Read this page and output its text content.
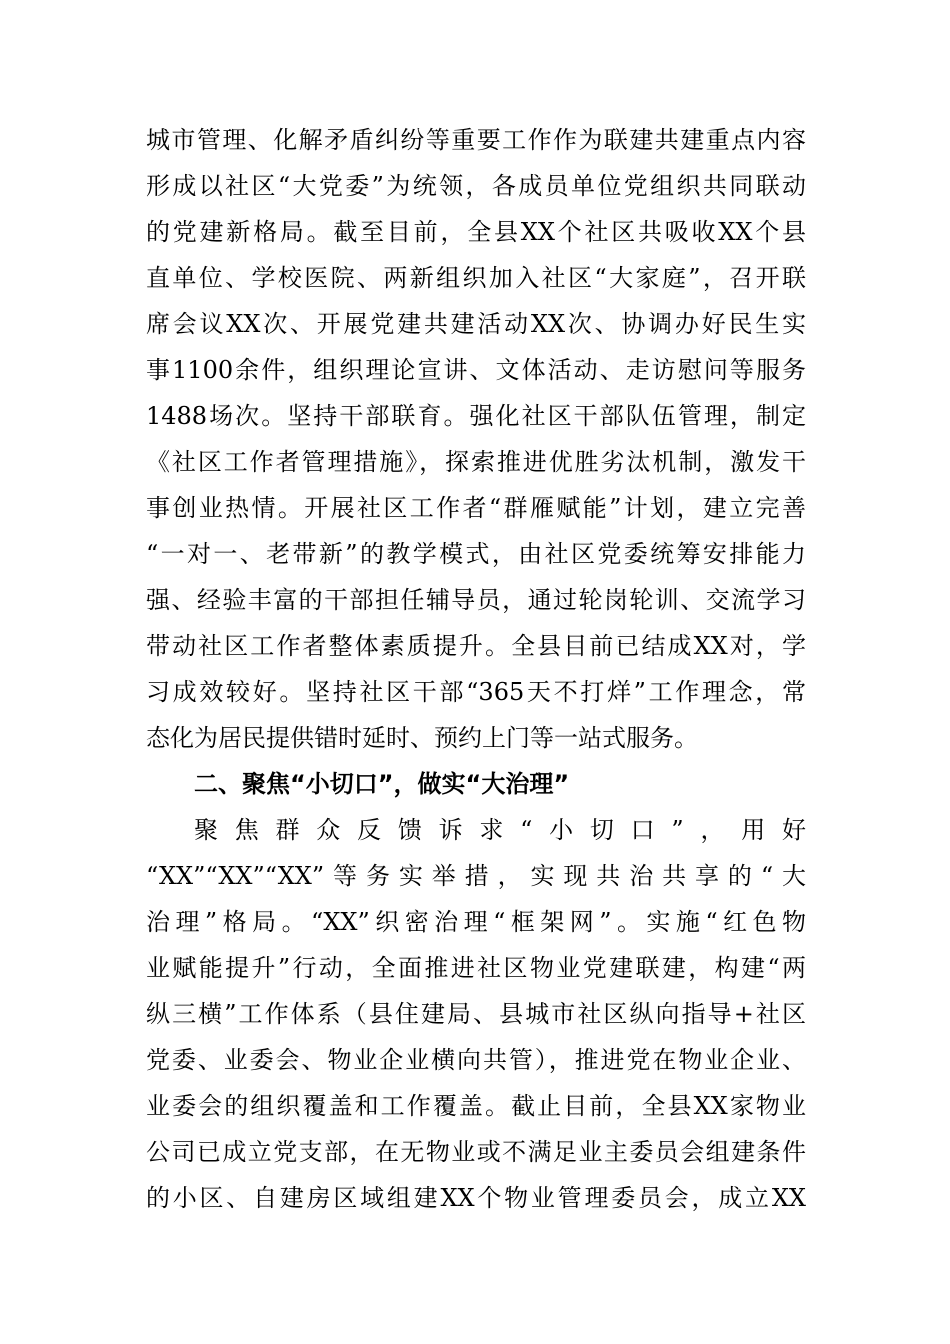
城市管理、化解矛盾纠纷等重要工作作为联建共建重点内容
形成以社区“大党委”为统领，各成员单位党组织共同联动
的党建新格局。截至目前，全县XX个社区共吸收XX个县
直单位、学校医院、两新组织加入社区“大家庭”，召开联
席会议XX次、开展党建共建活动XX次、协调办好民生实
事1100余件，组织理论宣讲、文体活动、走访慰问等服务
1488场次。坚持干部联育。强化社区干部队伍管理，制定
《社区工作者管理措施》，探索推进优胜劣汰机制，激发干
事创业热情。开展社区工作者“群雁赋能”计划，建立完善
“一对一、老带新”的教学模式，由社区党委统筹安排能力
强、经验丰富的干部担任辅导员，通过轮岗轮训、交流学习
带动社区工作者整体素质提升。全县目前已结成XX对，学
习成效较好。坚持社区干部“365天不打烊”工作理念，常
态化为居民提供错时延时、预约上门等一站式服务。
二、聚焦“小切口”，做实“大治理”
聚焦群众反馈诉求“小切口”，用好
“XX”“XX”“XX”等务实举措，实现共治共享的“大
治理”格局。“XX”织密治理“框架网”。实施“红色物
业赋能提升”行动，全面推进社区物业党建联建，构建“两
纵三横”工作体系（县住建局、县城市社区纵向指导+社区
党委、业委会、物业企业横向共管），推进党在物业企业、
业委会的组织覆盖和工作覆盖。截止目前，全县XX家物业
公司已成立党支部，在无物业或不满足业主委员会组建条件
的小区、自建房区域组建XX个物业管理委员会，成立XX
